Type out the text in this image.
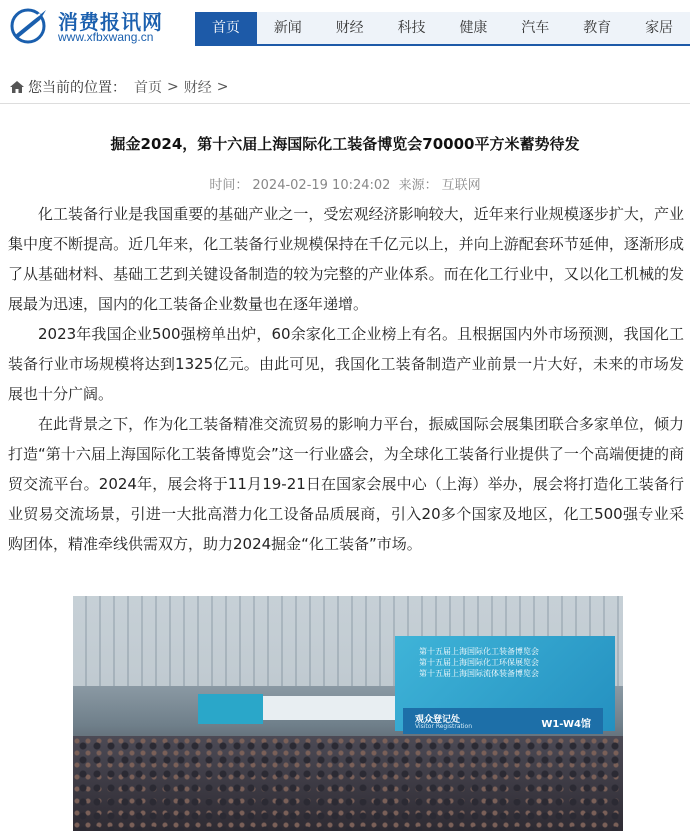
消费报讯网
www.xfbxwang.cn
首页	新闻	财经	科技	健康	汽车	教育	家居
您当前的位置： 首页 > 财经 >
掘金2024，第十六届上海国际化工装备博览会70000平方米蓄势待发
时间： 2024-02-19 10:24:02 来源： 互联网

化工装备行业是我国重要的基础产业之一，受宏观经济影响较大，近年来行业规模逐步扩大，产业集中度不断提高。近几年来，化工装备行业规模保持在千亿元以上，并向上游配套环节延伸，逐渐形成了从基础材料、基础工艺到关键设备制造的较为完整的产业体系。而在化工行业中，又以化工机械的发展最为迅速，国内的化工装备企业数量也在逐年递增。

2023年我国企业500强榜单出炉，60余家化工企业榜上有名。且根据国内外市场预测，我国化工装备行业市场规模将达到1325亿元。由此可见，我国化工装备制造产业前景一片大好，未来的市场发展也十分广阔。

在此背景之下，作为化工装备精准交流贸易的影响力平台，振威国际会展集团联合多家单位，倾力打造“第十六届上海国际化工装备博览会”这一行业盛会，为全球化工装备行业提供了一个高端便捷的商贸交流平台。2024年，展会将于11月19-21日在国家会展中心（上海）举办，展会将打造化工装备行业贸易交流场景，引进一大批高潜力化工设备品质展商，引入20多个国家及地区，化工500强专业采购团体，精准牵线供需双方，助力2024掘金“化工装备”市场。

第十五届上海国际化工装备博览会
第十五届上海国际化工环保展览会
第十五届上海国际流体装备博览会
观众登记处
Visitor Registration	W1-W4馆
